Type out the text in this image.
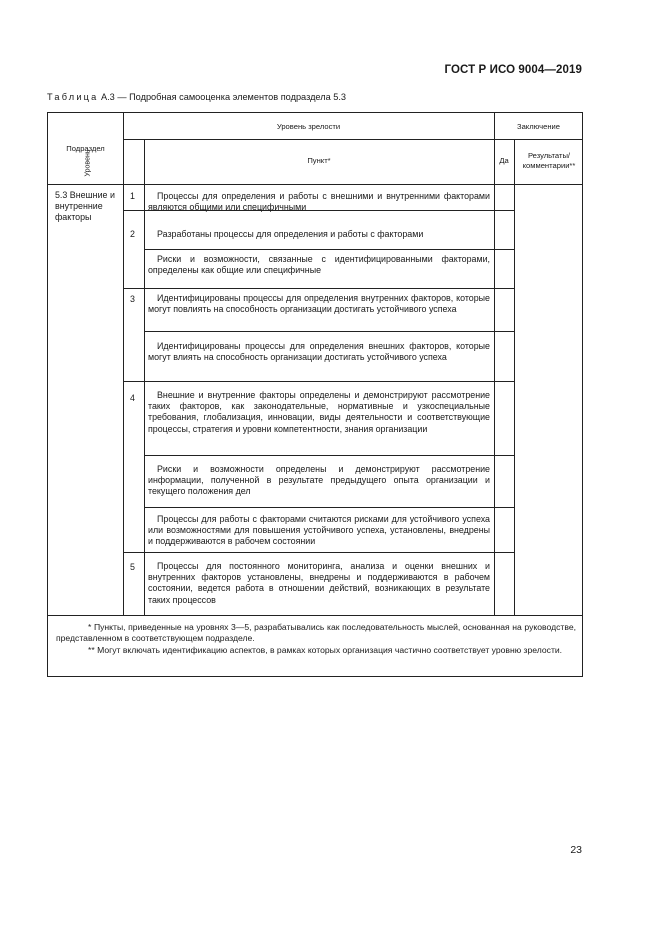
ГОСТ Р ИСО 9004—2019
Таблица А.3 — Подробная самооценка элементов подраздела 5.3
Подраздел
Уровень зрелости	Заключение
Пункт*	Да
Результаты/ комментарии**
5.3 Внешние и внутренние факторы
1
2
3
4
5
Процессы для определения и работы с внешними и внутренними факторами являются общими или специфичными
Разработаны процессы для определения и работы с факторами
Риски и возможности, связанные с идентифицированными факторами, определены как общие или специфичные
Идентифицированы процессы для определения внутренних факторов, которые могут повлиять на способность организации достигать устойчивого успеха
Идентифицированы процессы для определения внешних факторов, которые могут влиять на способность организации достигать устойчивого успеха
Внешние и внутренние факторы определены и демонстрируют рассмотрение таких факторов, как законодательные, нормативные и узкоспециальные требования, глобализация, инновации, виды деятельности и соответствующие процессы, стратегия и уровни компетентности, знания организации
Риски и возможности определены и демонстрируют рассмотрение информации, полученной в результате предыдущего опыта организации и текущего положения дел
Процессы для работы с факторами считаются рисками для устойчивого успеха или возможностями для повышения устойчивого успеха, установлены, внедрены и поддерживаются в рабочем состоянии
Процессы для постоянного мониторинга, анализа и оценки внешних и внутренних факторов установлены, внедрены и поддерживаются в рабочем состоянии, ведется работа в отношении действий, возникающих в результате таких процессов
* Пункты, приведенные на уровнях 3—5, разрабатывались как последовательность мыслей, основанная на руководстве, представленном в соответствующем подразделе.
** Могут включать идентификацию аспектов, в рамках которых организация частично соответствует уровню зрелости.
Уровень
23
